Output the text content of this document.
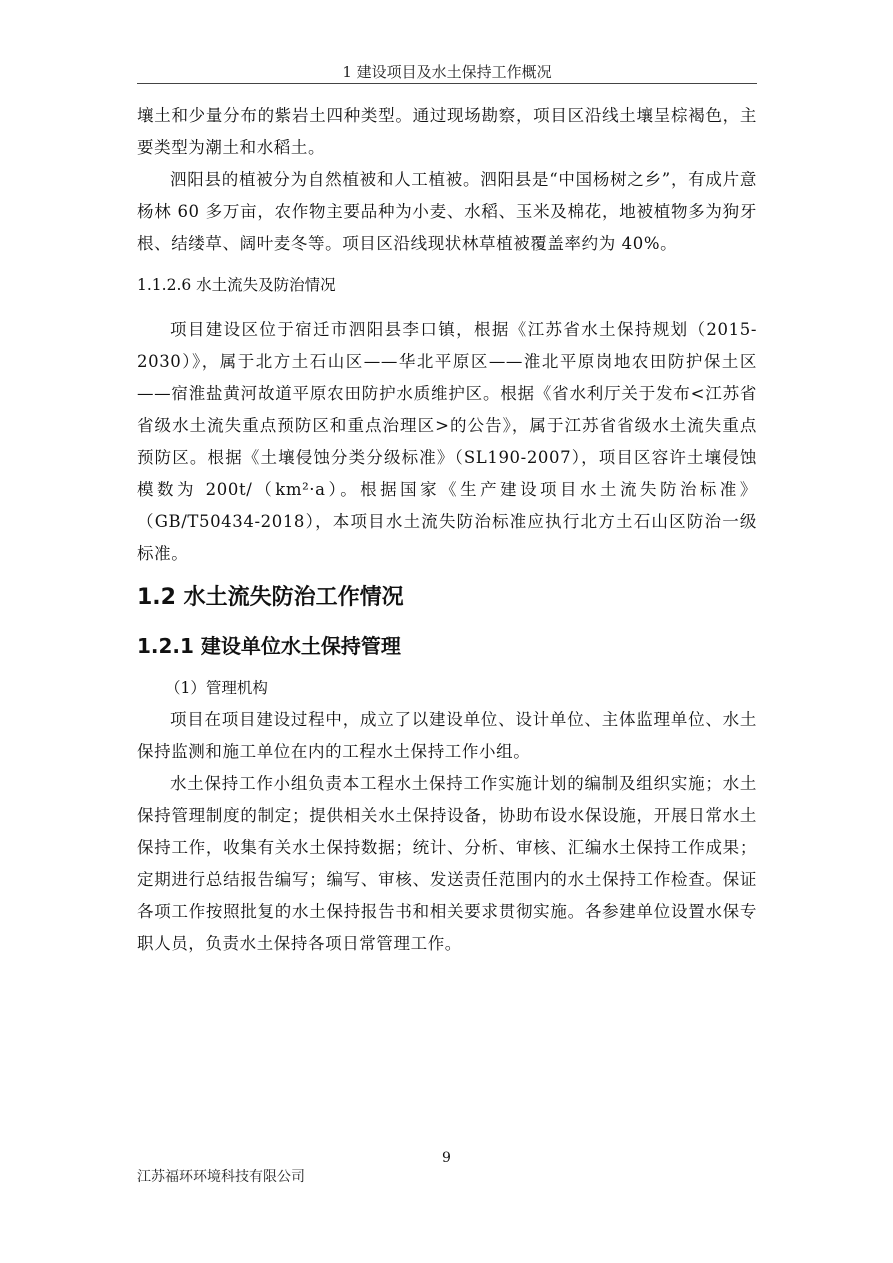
1 建设项目及水土保持工作概况

壤土和少量分布的紫岩土四种类型。通过现场勘察，项目区沿线土壤呈棕褐色，主要类型为潮土和水稻土。

泗阳县的植被分为自然植被和人工植被。泗阳县是“中国杨树之乡”，有成片意杨林 60 多万亩，农作物主要品种为小麦、水稻、玉米及棉花，地被植物多为狗牙根、结缕草、阔叶麦冬等。项目区沿线现状林草植被覆盖率约为 40%。

1.1.2.6 水土流失及防治情况

项目建设区位于宿迁市泗阳县李口镇，根据《江苏省水土保持规划（2015-2030）》，属于北方土石山区——华北平原区——淮北平原岗地农田防护保土区——宿淮盐黄河故道平原农田防护水质维护区。根据《省水利厅关于发布<江苏省省级水土流失重点预防区和重点治理区>的公告》，属于江苏省省级水土流失重点预防区。根据《土壤侵蚀分类分级标准》（SL190-2007），项目区容许土壤侵蚀模数为 200t/（km²·a）。根据国家《生产建设项目水土流失防治标准》（GB/T50434-2018），本项目水土流失防治标准应执行北方土石山区防治一级标准。

1.2 水土流失防治工作情况
1.2.1 建设单位水土保持管理

（1）管理机构

项目在项目建设过程中，成立了以建设单位、设计单位、主体监理单位、水土保持监测和施工单位在内的工程水土保持工作小组。

水土保持工作小组负责本工程水土保持工作实施计划的编制及组织实施；水土保持管理制度的制定；提供相关水土保持设备，协助布设水保设施，开展日常水土保持工作，收集有关水土保持数据；统计、分析、审核、汇编水土保持工作成果；定期进行总结报告编写；编写、审核、发送责任范围内的水土保持工作检查。保证各项工作按照批复的水土保持报告书和相关要求贯彻实施。各参建单位设置水保专职人员，负责水土保持各项日常管理工作。

9
江苏福环环境科技有限公司
